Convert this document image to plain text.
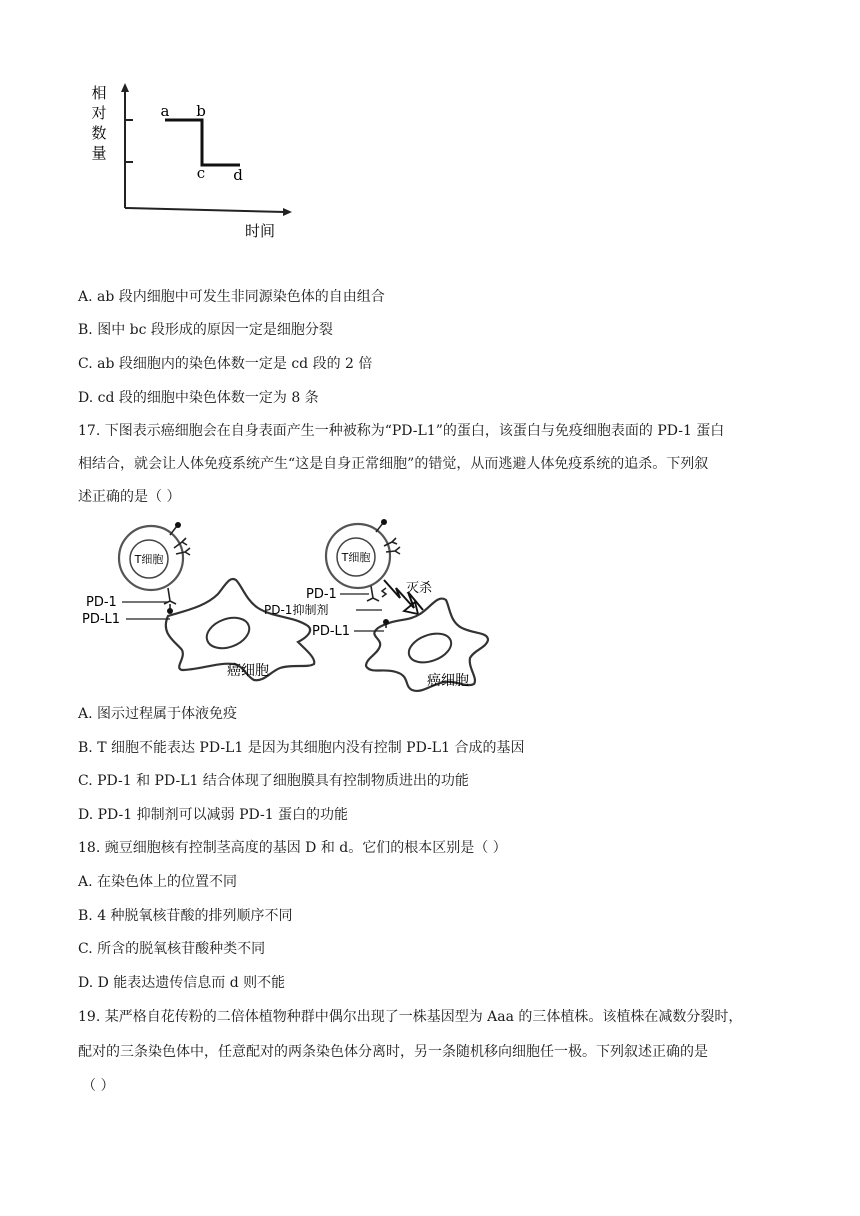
相
对
数
量
a b
c d
时间
A. ab 段内细胞中可发生非同源染色体的自由组合
B. 图中 bc 段形成的原因一定是细胞分裂
C. ab 段细胞内的染色体数一定是 cd 段的 2 倍
D. cd 段的细胞中染色体数一定为 8 条
17. 下图表示癌细胞会在自身表面产生一种被称为“PD-L1”的蛋白，该蛋白与免疫细胞表面的 PD-1 蛋白
相结合，就会让人体免疫系统产生“这是自身正常细胞”的错觉，从而逃避人体免疫系统的追杀。下列叙
述正确的是（ ）
T细胞
癌细胞
PD-1
PD-L1
T细胞
灭杀
癌细胞
PD-1
PD-1抑制剂
PD-L1
A. 图示过程属于体液免疫
B. T 细胞不能表达 PD-L1 是因为其细胞内没有控制 PD-L1 合成的基因
C. PD-1 和 PD-L1 结合体现了细胞膜具有控制物质进出的功能
D. PD-1 抑制剂可以减弱 PD-1 蛋白的功能
18. 豌豆细胞核有控制茎高度的基因 D 和 d。它们的根本区别是（ ）
A. 在染色体上的位置不同
B. 4 种脱氧核苷酸的排列顺序不同
C. 所含的脱氧核苷酸种类不同
D. D 能表达遗传信息而 d 则不能
19. 某严格自花传粉的二倍体植物种群中偶尔出现了一株基因型为 Aaa 的三体植株。该植株在减数分裂时，
配对的三条染色体中，任意配对的两条染色体分离时，另一条随机移向细胞任一极。下列叙述正确的是
（ ）
